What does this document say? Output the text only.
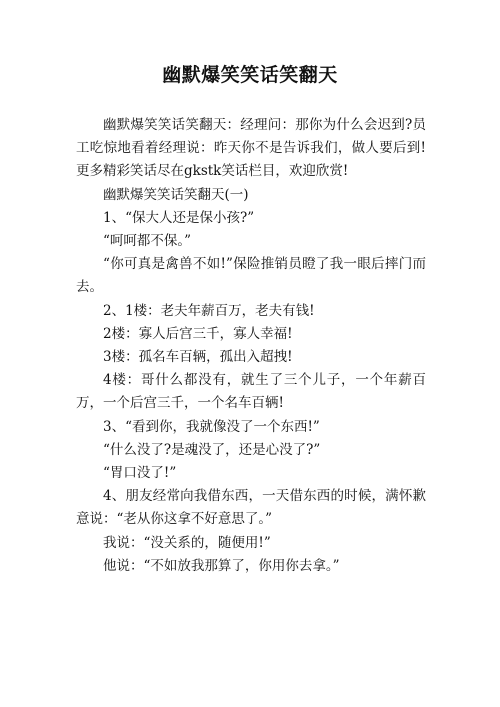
幽默爆笑笑话笑翻天

幽默爆笑笑话笑翻天：经理问：那你为什么会迟到?员工吃惊地看着经理说：昨天你不是告诉我们，做人要后到!更多精彩笑话尽在gkstk笑话栏目，欢迎欣赏!

幽默爆笑笑话笑翻天(一)

1、“保大人还是保小孩?”

“呵呵都不保。”

“你可真是禽兽不如!”保险推销员瞪了我一眼后摔门而去。

2、1楼：老夫年薪百万，老夫有钱!

2楼：寡人后宫三千，寡人幸福!

3楼：孤名车百辆，孤出入超拽!

4楼：哥什么都没有，就生了三个儿子，一个年薪百万，一个后宫三千，一个名车百辆!

3、“看到你，我就像没了一个东西!”

“什么没了?是魂没了，还是心没了?”

“胃口没了!”

4、朋友经常向我借东西，一天借东西的时候，满怀歉意说：“老从你这拿不好意思了。”

我说：“没关系的，随便用!”

他说：“不如放我那算了，你用你去拿。”
